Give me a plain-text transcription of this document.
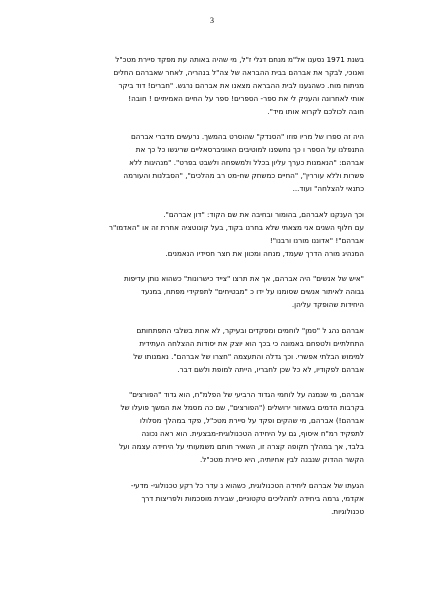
3

בשנת 1971 נסענו אל"מ מנחם דגלי ז"ל, מי שהיה באותה עת מפקד סיירת מטכ"ל
ואנוכי, לבקר את אברהם בבית ההבראה של צה"ל בנהריה, לאחר שאברהם החלים
מניתוח מוח. כשהגענו לבית ההבראה מצאנו את אברהם נרגש. "חברים! דוד ביקר
אותי לאחרונה והעניק לי את ספר- הספרים! ספר על החיים האמיתיים ! חובה!
חובה לכולכם לקרוא אותו מיד".

היה זה ספרו של מריו פוזו "הסנדק" שהוסרט בהמשך. נרעשים מדברי אברהם
התנפלנו על הספר ו כך נחשפנו למוטיבים האוניברסאליים שריגשו כל כך את
אברהם: "הנאמנות כערך עליון בכלל ולמשפחה ולשבט בפרט". "מנהיגות ללא
פשרות וללא עוררין", "החיים כמשחק שח-מט רב מהלכים", "הסבלנות והעורמה
כתנאי להצלחה" ועוד...

וכך הענקנו לאברהם, בהומור ובחיבה את שם הקוד: "דון אברהם".
עם חלוף השנים אני מצאתי שלא בחרנו בקוד, בעל קונוטציה אחרת זה או "האדמו"ר
אברהם"! "אדוננו מורנו ורבנו"!
המנהיג מורה הדרך שעמד, מנחה ומכוון את חצר חסידיו הנאמנים.

"איש של אנשים" היה אברהם, אך את תרצו "צייד כישרונות" כשהוא נותן עדיפות
גבוהה לאיתור אנשים שסומנו על ידו כ "מבטיחים" לתפקידי מפתח, במנעד
היחידות שהופקד עליהן.

אברהם נהג ל "סמן" לוחמים ומפקדים ובעיקר, לא אחת בשלבי התפתחותם
התחלתיים ולטפחם באמונה כי בכך הוא יוצק את יסודות ההצלחה העתידית
למימוש הבלתי אפשרי. וכך גדלה והתעצמה "חצרו של אברהם". נאמנותו של
אברהם לפקודיו, לא כל שכן לחבריו, הייתה למופת ולשם דבר.

אברהם, מי שנמנה על לוחמי הגדוד הרביעי של הפלמ"ח, הוא גדוד "הפורצים"
בקרבות הדמים בשאזור ירושלים ("הפורצים", שם כה מסמל את המשך פועלו של
אברהם!) אברהם, מי שהקים ופקד על סיירת מטכ"ל, פקד במהלך מסלולו
לתפקיד רמ"ח איסוף, גם על היחידה הטכנולוגית-מבצעית. הוא ראה נכונה
בלבד, אך במהלך תקופה קצרה זו, השאיר חותם משמעותי על היחידה עצמה ועל
הקשר ההדוק שנבנה לבין אחיותיה, היא סיירת מטכ"ל.

הגעתו של אברהם ליחידה הטכנולוגית, כשהוא נ עדר כל רקע טכנולוגי- מדעי-
אקדמי, גרמה ביחידה לתהליכים טקטוניים, שבירת מוסכמות ולפריצות דרך
טכנולוגיות.
